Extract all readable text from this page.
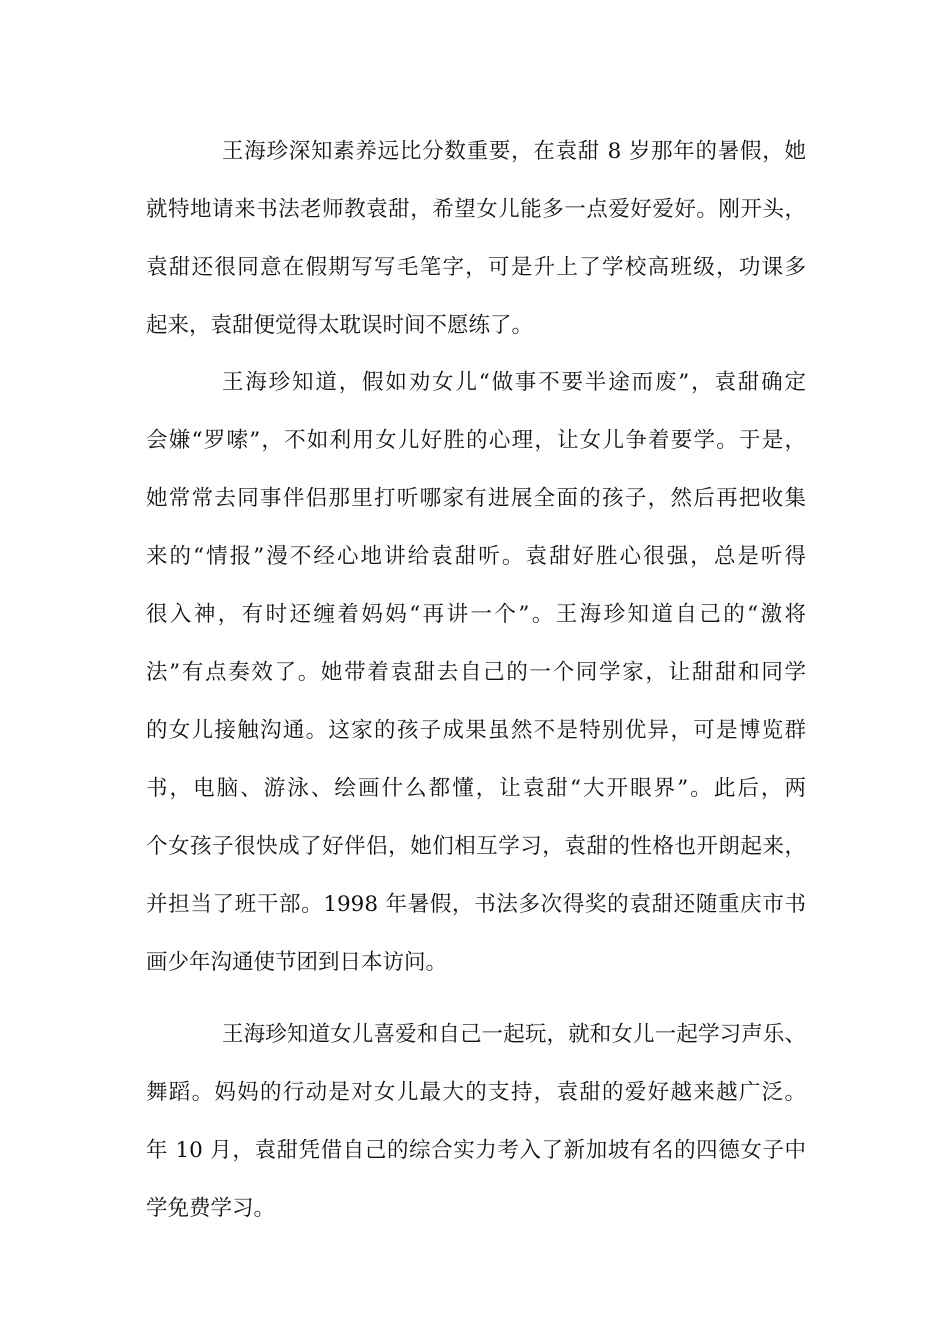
王海珍深知素养远比分数重要，在袁甜 8 岁那年的暑假，她
就特地请来书法老师教袁甜，希望女儿能多一点爱好爱好。刚开头，
袁甜还很同意在假期写写毛笔字，可是升上了学校高班级，功课多
起来，袁甜便觉得太耽误时间不愿练了。
王海珍知道，假如劝女儿“做事不要半途而废”，袁甜确定
会嫌“罗嗦”，不如利用女儿好胜的心理，让女儿争着要学。于是，
她常常去同事伴侣那里打听哪家有进展全面的孩子，然后再把收集
来的“情报”漫不经心地讲给袁甜听。袁甜好胜心很强，总是听得
很入神，有时还缠着妈妈“再讲一个”。王海珍知道自己的“激将
法”有点奏效了。她带着袁甜去自己的一个同学家，让甜甜和同学
的女儿接触沟通。这家的孩子成果虽然不是特别优异，可是博览群
书，电脑、游泳、绘画什么都懂，让袁甜“大开眼界”。此后，两
个女孩子很快成了好伴侣，她们相互学习，袁甜的性格也开朗起来，
并担当了班干部。1998 年暑假，书法多次得奖的袁甜还随重庆市书
画少年沟通使节团到日本访问。
王海珍知道女儿喜爱和自己一起玩，就和女儿一起学习声乐、
舞蹈。妈妈的行动是对女儿最大的支持，袁甜的爱好越来越广泛。
年 10 月，袁甜凭借自己的综合实力考入了新加坡有名的四德女子中
学免费学习。
